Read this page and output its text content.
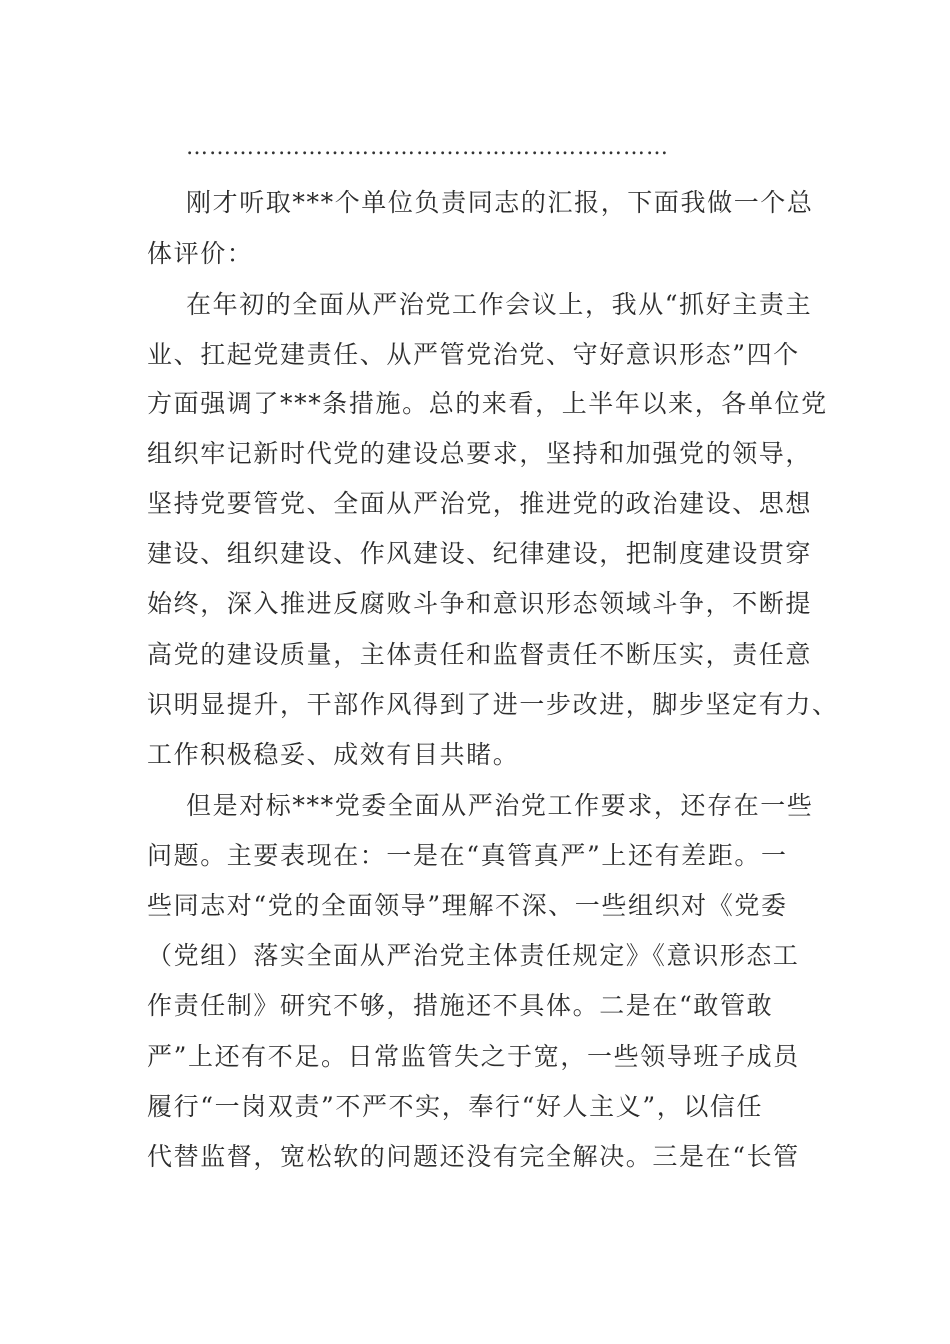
………………………………………………………
刚才听取***个单位负责同志的汇报，下面我做一个总
体评价：
在年初的全面从严治党工作会议上，我从“抓好主责主
业、扛起党建责任、从严管党治党、守好意识形态”四个
方面强调了***条措施。总的来看，上半年以来，各单位党
组织牢记新时代党的建设总要求，坚持和加强党的领导，
坚持党要管党、全面从严治党，推进党的政治建设、思想
建设、组织建设、作风建设、纪律建设，把制度建设贯穿
始终，深入推进反腐败斗争和意识形态领域斗争，不断提
高党的建设质量，主体责任和监督责任不断压实，责任意
识明显提升，干部作风得到了进一步改进，脚步坚定有力、
工作积极稳妥、成效有目共睹。
但是对标***党委全面从严治党工作要求，还存在一些
问题。主要表现在：一是在“真管真严”上还有差距。一
些同志对“党的全面领导”理解不深、一些组织对《党委
（党组）落实全面从严治党主体责任规定》《意识形态工
作责任制》研究不够，措施还不具体。二是在“敢管敢
严”上还有不足。日常监管失之于宽，一些领导班子成员
履行“一岗双责”不严不实，奉行“好人主义”，以信任
代替监督，宽松软的问题还没有完全解决。三是在“长管
